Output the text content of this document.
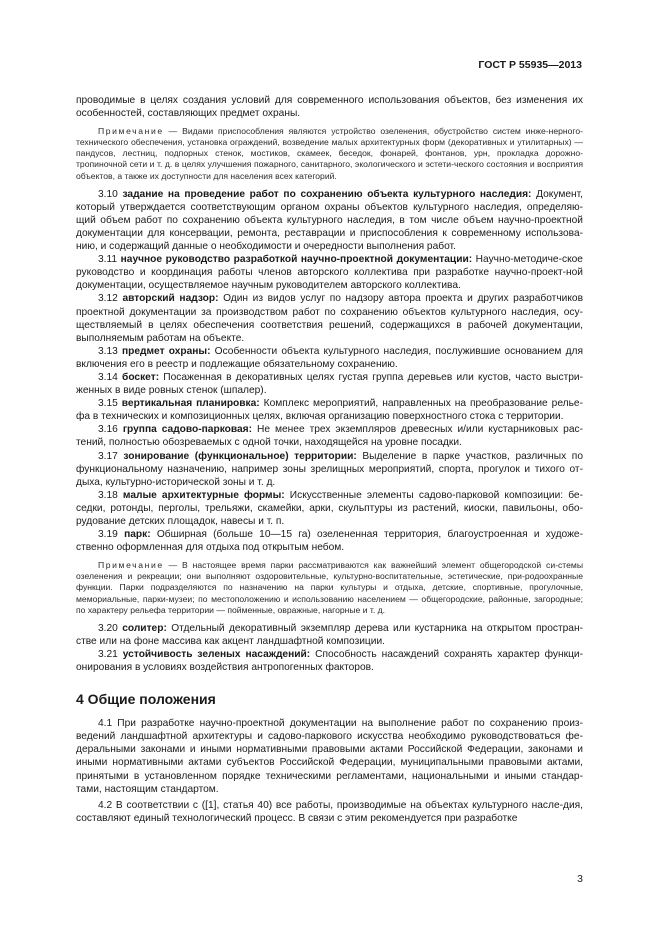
ГОСТ Р 55935—2013

проводимые в целях создания условий для современного использования объектов, без изменения их особенностей, составляющих предмет охраны.

Примечание — Видами приспособления являются устройство озеленения, обустройство систем инже-нерного-технического обеспечения, установка ограждений, возведение малых архитектурных форм (декоративных и утилитарных) — пандусов, лестниц, подпорных стенок, мостиков, скамеек, беседок, фонарей, фонтанов, урн, прокладка дорожно-тропиночной сети и т. д. в целях улучшения пожарного, санитарного, экологического и эстети-ческого состояния и восприятия объектов, а также их доступности для населения всех категорий.

3.10 задание на проведение работ по сохранению объекта культурного наследия: Документ, который утверждается соответствующим органом охраны объектов культурного наследия, определяю-щий объем работ по сохранению объекта культурного наследия, в том числе объем научно-проектной документации для консервации, ремонта, реставрации и приспособления к современному использова-нию, и содержащий данные о необходимости и очередности выполнения работ.

3.11 научное руководство разработкой научно-проектной документации: Научно-методиче-ское руководство и координация работы членов авторского коллектива при разработке научно-проект-ной документации, осуществляемое научным руководителем авторского коллектива.

3.12 авторский надзор: Один из видов услуг по надзору автора проекта и других разработчиков проектной документации за производством работ по сохранению объектов культурного наследия, осу-ществляемый в целях обеспечения соответствия решений, содержащихся в рабочей документации, выполняемым работам на объекте.

3.13 предмет охраны: Особенности объекта культурного наследия, послужившие основанием для включения его в реестр и подлежащие обязательному сохранению.

3.14 боскет: Посаженная в декоративных целях густая группа деревьев или кустов, часто выстри-женных в виде ровных стенок (шпалер).

3.15 вертикальная планировка: Комплекс мероприятий, направленных на преобразование релье-фа в технических и композиционных целях, включая организацию поверхностного стока с территории.

3.16 группа садово-парковая: Не менее трех экземпляров древесных и/или кустарниковых рас-тений, полностью обозреваемых с одной точки, находящейся на уровне посадки.

3.17 зонирование (функциональное) территории: Выделение в парке участков, различных по функциональному назначению, например зоны зрелищных мероприятий, спорта, прогулок и тихого от-дыха, культурно-исторической зоны и т. д.

3.18 малые архитектурные формы: Искусственные элементы садово-парковой композиции: бе-седки, ротонды, перголы, трельяжи, скамейки, арки, скульптуры из растений, киоски, павильоны, обо-рудование детских площадок, навесы и т. п.

3.19 парк: Обширная (больше 10—15 га) озелененная территория, благоустроенная и художе-ственно оформленная для отдыха под открытым небом.

Примечание — В настоящее время парки рассматриваются как важнейший элемент общегородской си-стемы озеленения и рекреации; они выполняют оздоровительные, культурно-воспитательные, эстетические, при-родоохранные функции. Парки подразделяются по назначению на парки культуры и отдыха, детские, спортивные, прогулочные, мемориальные, парки-музеи; по местоположению и использованию населением — общегородские, районные, загородные; по характеру рельефа территории — пойменные, овражные, нагорные и т. д.

3.20 солитер: Отдельный декоративный экземпляр дерева или кустарника на открытом простран-стве или на фоне массива как акцент ландшафтной композиции.

3.21 устойчивость зеленых насаждений: Способность насаждений сохранять характер функци-онирования в условиях воздействия антропогенных факторов.

4 Общие положения

4.1 При разработке научно-проектной документации на выполнение работ по сохранению произ-ведений ландшафтной архитектуры и садово-паркового искусства необходимо руководствоваться фе-деральными законами и иными нормативными правовыми актами Российской Федерации, законами и иными нормативными актами субъектов Российской Федерации, муниципальными правовыми актами, принятыми в установленном порядке техническими регламентами, национальными и иными стандар-тами, настоящим стандартом.

4.2 В соответствии с ([1], статья 40) все работы, производимые на объектах культурного насле-дия, составляют единый технологический процесс. В связи с этим рекомендуется при разработке

3
